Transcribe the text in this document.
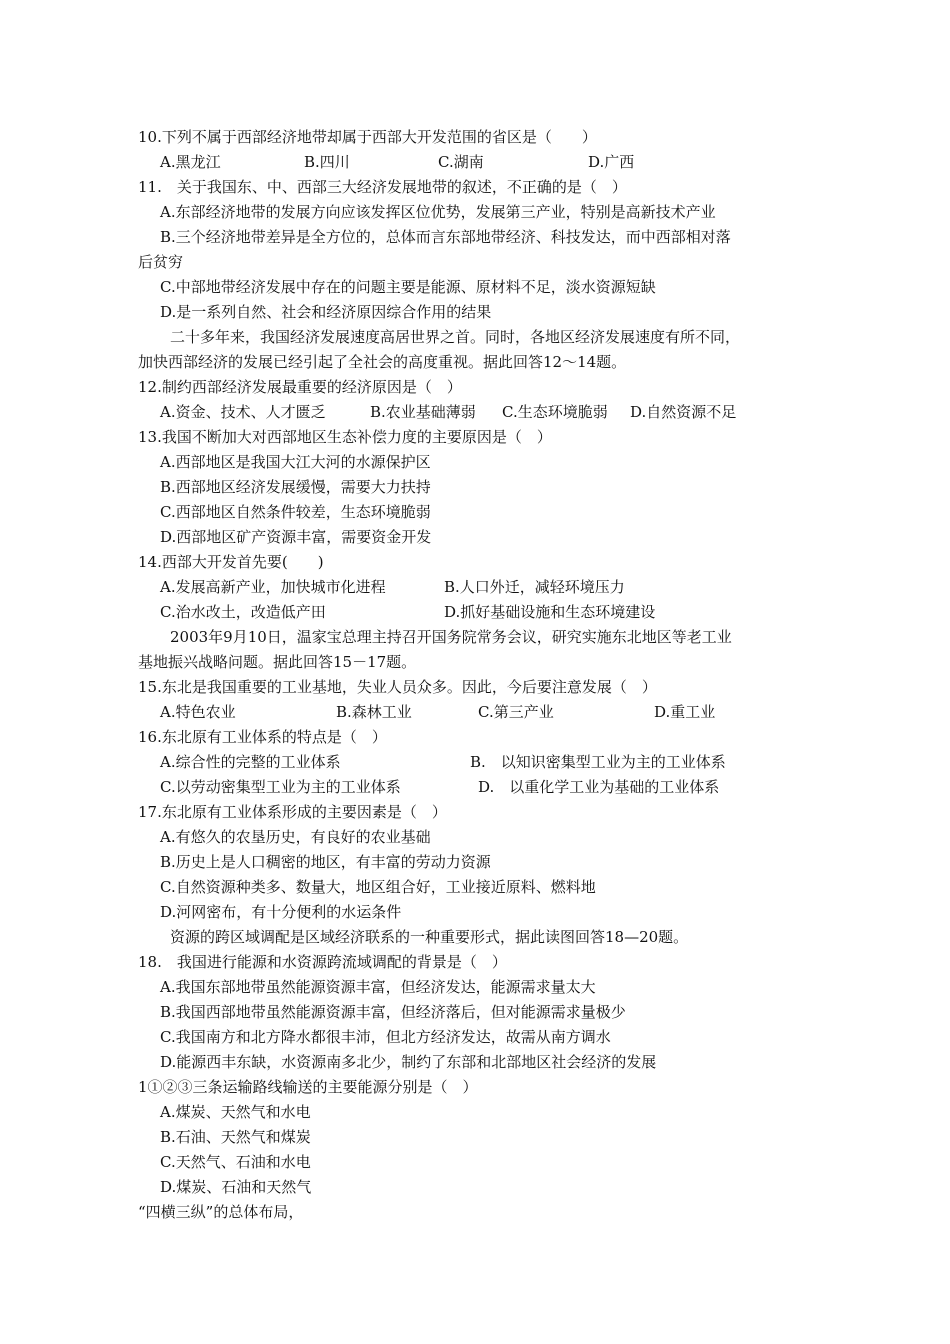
10.下列不属于西部经济地带却属于西部大开发范围的省区是（　　）
A.黑龙江	B.四川	C.湖南	D.广西
11.　关于我国东、中、西部三大经济发展地带的叙述，不正确的是（　）
A.东部经济地带的发展方向应该发挥区位优势，发展第三产业，特别是高新技术产业
B.三个经济地带差异是全方位的，总体而言东部地带经济、科技发达，而中西部相对落
后贫穷
C.中部地带经济发展中存在的问题主要是能源、原材料不足，淡水资源短缺
D.是一系列自然、社会和经济原因综合作用的结果
二十多年来，我国经济发展速度高居世界之首。同时，各地区经济发展速度有所不同，
加快西部经济的发展已经引起了全社会的高度重视。据此回答12～14题。
12.制约西部经济发展最重要的经济原因是（　）
A.资金、技术、人才匮乏	B.农业基础薄弱 C.生态环境脆弱 D.自然资源不足
13.我国不断加大对西部地区生态补偿力度的主要原因是（　）
A.西部地区是我国大江大河的水源保护区
B.西部地区经济发展缓慢，需要大力扶持
C.西部地区自然条件较差，生态环境脆弱
D.西部地区矿产资源丰富，需要资金开发
14.西部大开发首先要(　　)
A.发展高新产业，加快城市化进程	B.人口外迁，减轻环境压力
C.治水改土，改造低产田	D.抓好基础设施和生态环境建设
2003年9月10日，温家宝总理主持召开国务院常务会议，研究实施东北地区等老工业
基地振兴战略问题。据此回答15－17题。
15.东北是我国重要的工业基地，失业人员众多。因此，今后要注意发展（　）
A.特色农业	B.森林工业	C.第三产业	D.重工业
16.东北原有工业体系的特点是（　）
A.综合性的完整的工业体系	B.　以知识密集型工业为主的工业体系
C.以劳动密集型工业为主的工业体系	D.　以重化学工业为基础的工业体系
17.东北原有工业体系形成的主要因素是（　）
A.有悠久的农垦历史，有良好的农业基础
B.历史上是人口稠密的地区，有丰富的劳动力资源
C.自然资源种类多、数量大，地区组合好，工业接近原料、燃料地
D.河网密布，有十分便利的水运条件
资源的跨区域调配是区域经济联系的一种重要形式，据此读图回答18—20题。
18.　我国进行能源和水资源跨流域调配的背景是（　）
A.我国东部地带虽然能源资源丰富，但经济发达，能源需求量太大
B.我国西部地带虽然能源资源丰富，但经济落后，但对能源需求量极少
C.我国南方和北方降水都很丰沛，但北方经济发达，故需从南方调水
D.能源西丰东缺，水资源南多北少，制约了东部和北部地区社会经济的发展
1①②③三条运输路线输送的主要能源分别是（　）
A.煤炭、天然气和水电
B.石油、天然气和煤炭
C.天然气、石油和水电
D.煤炭、石油和天然气
“四横三纵”的总体布局，
